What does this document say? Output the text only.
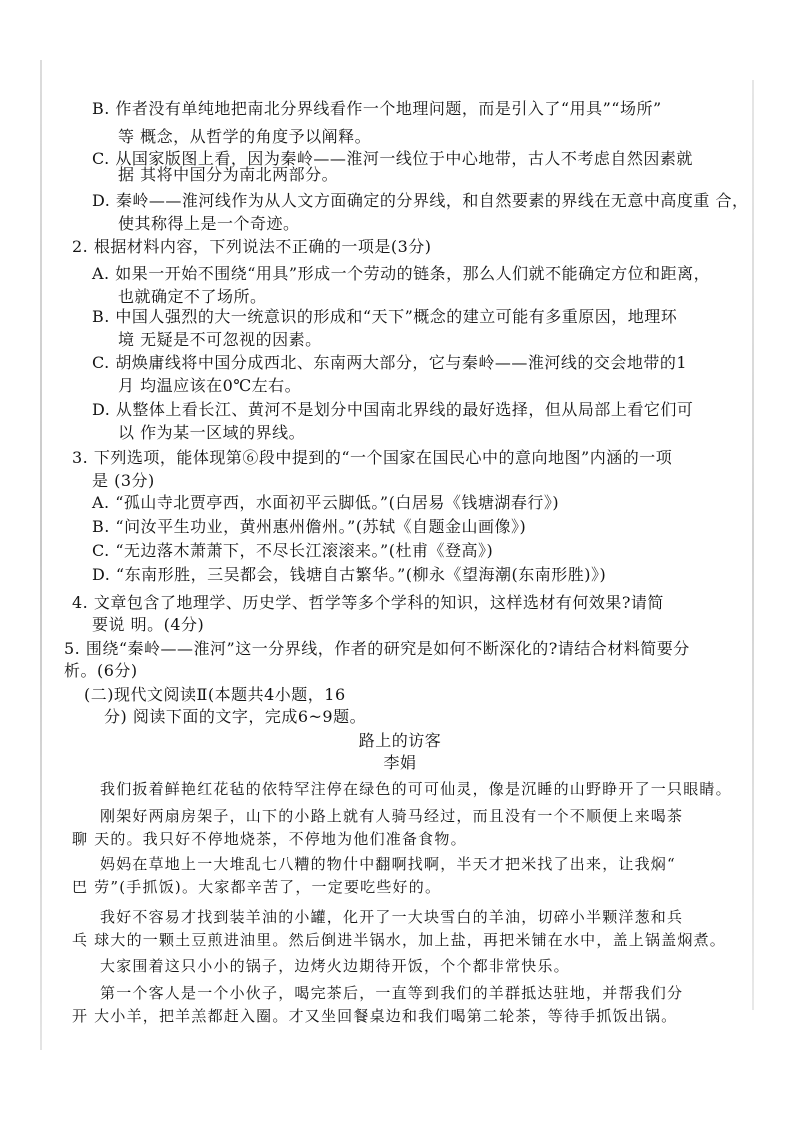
B. 作者没有单纯地把南北分界线看作一个地理问题，而是引入了“用具”“场所”
等 概念，从哲学的角度予以阐释。
C. 从国家版图上看，因为秦岭——淮河一线位于中心地带，古人不考虑自然因素就
据 其将中国分为南北两部分。
D. 秦岭——淮河线作为从人文方面确定的分界线，和自然要素的界线在无意中高度重 合，
使其称得上是一个奇迹。
2. 根据材料内容，下列说法不正确的一项是(3分)
A. 如果一开始不围绕“用具”形成一个劳动的链条，那么人们就不能确定方位和距离，
也就确定不了场所。
B. 中国人强烈的大一统意识的形成和“天下”概念的建立可能有多重原因，地理环
境 无疑是不可忽视的因素。
C. 胡焕庸线将中国分成西北、东南两大部分，它与秦岭——淮河线的交会地带的1
月 均温应该在0℃左右。
D. 从整体上看长江、黄河不是划分中国南北界线的最好选择，但从局部上看它们可
以 作为某一区域的界线。
3. 下列选项，能体现第⑥段中提到的“一个国家在国民心中的意向地图”内涵的一项
是 (3分)
A. “孤山寺北贾亭西，水面初平云脚低。”(白居易《钱塘湖春行》)
B. “问汝平生功业，黄州惠州儋州。”(苏轼《自题金山画像》)
C. “无边落木萧萧下，不尽长江滚滚来。”(杜甫《登高》)
D. “东南形胜，三吴都会，钱塘自古繁华。”(柳永《望海潮(东南形胜)》)
4. 文章包含了地理学、历史学、哲学等多个学科的知识，这样选材有何效果?请简
要说 明。(4分)
5. 围绕“秦岭——淮河”这一分界线，作者的研究是如何不断深化的?请结合材料简要分
析。(6分)
(二)现代文阅读Ⅱ(本题共4小题，16
分) 阅读下面的文字，完成6~9题。
路上的访客
李娟
我们扳着鲜艳红花毡的依特罕注停在绿色的可可仙灵，像是沉睡的山野睁开了一只眼睛。
刚架好两扇房架子，山下的小路上就有人骑马经过，而且没有一个不顺便上来喝茶
聊 天的。我只好不停地烧茶，不停地为他们准备食物。
妈妈在草地上一大堆乱七八糟的物什中翻啊找啊，半天才把米找了出来，让我焖“
巴 劳”(手抓饭)。大家都辛苦了，一定要吃些好的。
我好不容易才找到装羊油的小罐，化开了一大块雪白的羊油，切碎小半颗洋葱和兵
乓 球大的一颗土豆煎进油里。然后倒进半锅水，加上盐，再把米铺在水中，盖上锅盖焖煮。
大家围着这只小小的锅子，边烤火边期待开饭，个个都非常快乐。
第一个客人是一个小伙子，喝完茶后，一直等到我们的羊群抵达驻地，并帮我们分
开 大小羊，把羊羔都赶入圈。才又坐回餐桌边和我们喝第二轮茶，等待手抓饭出锅。
